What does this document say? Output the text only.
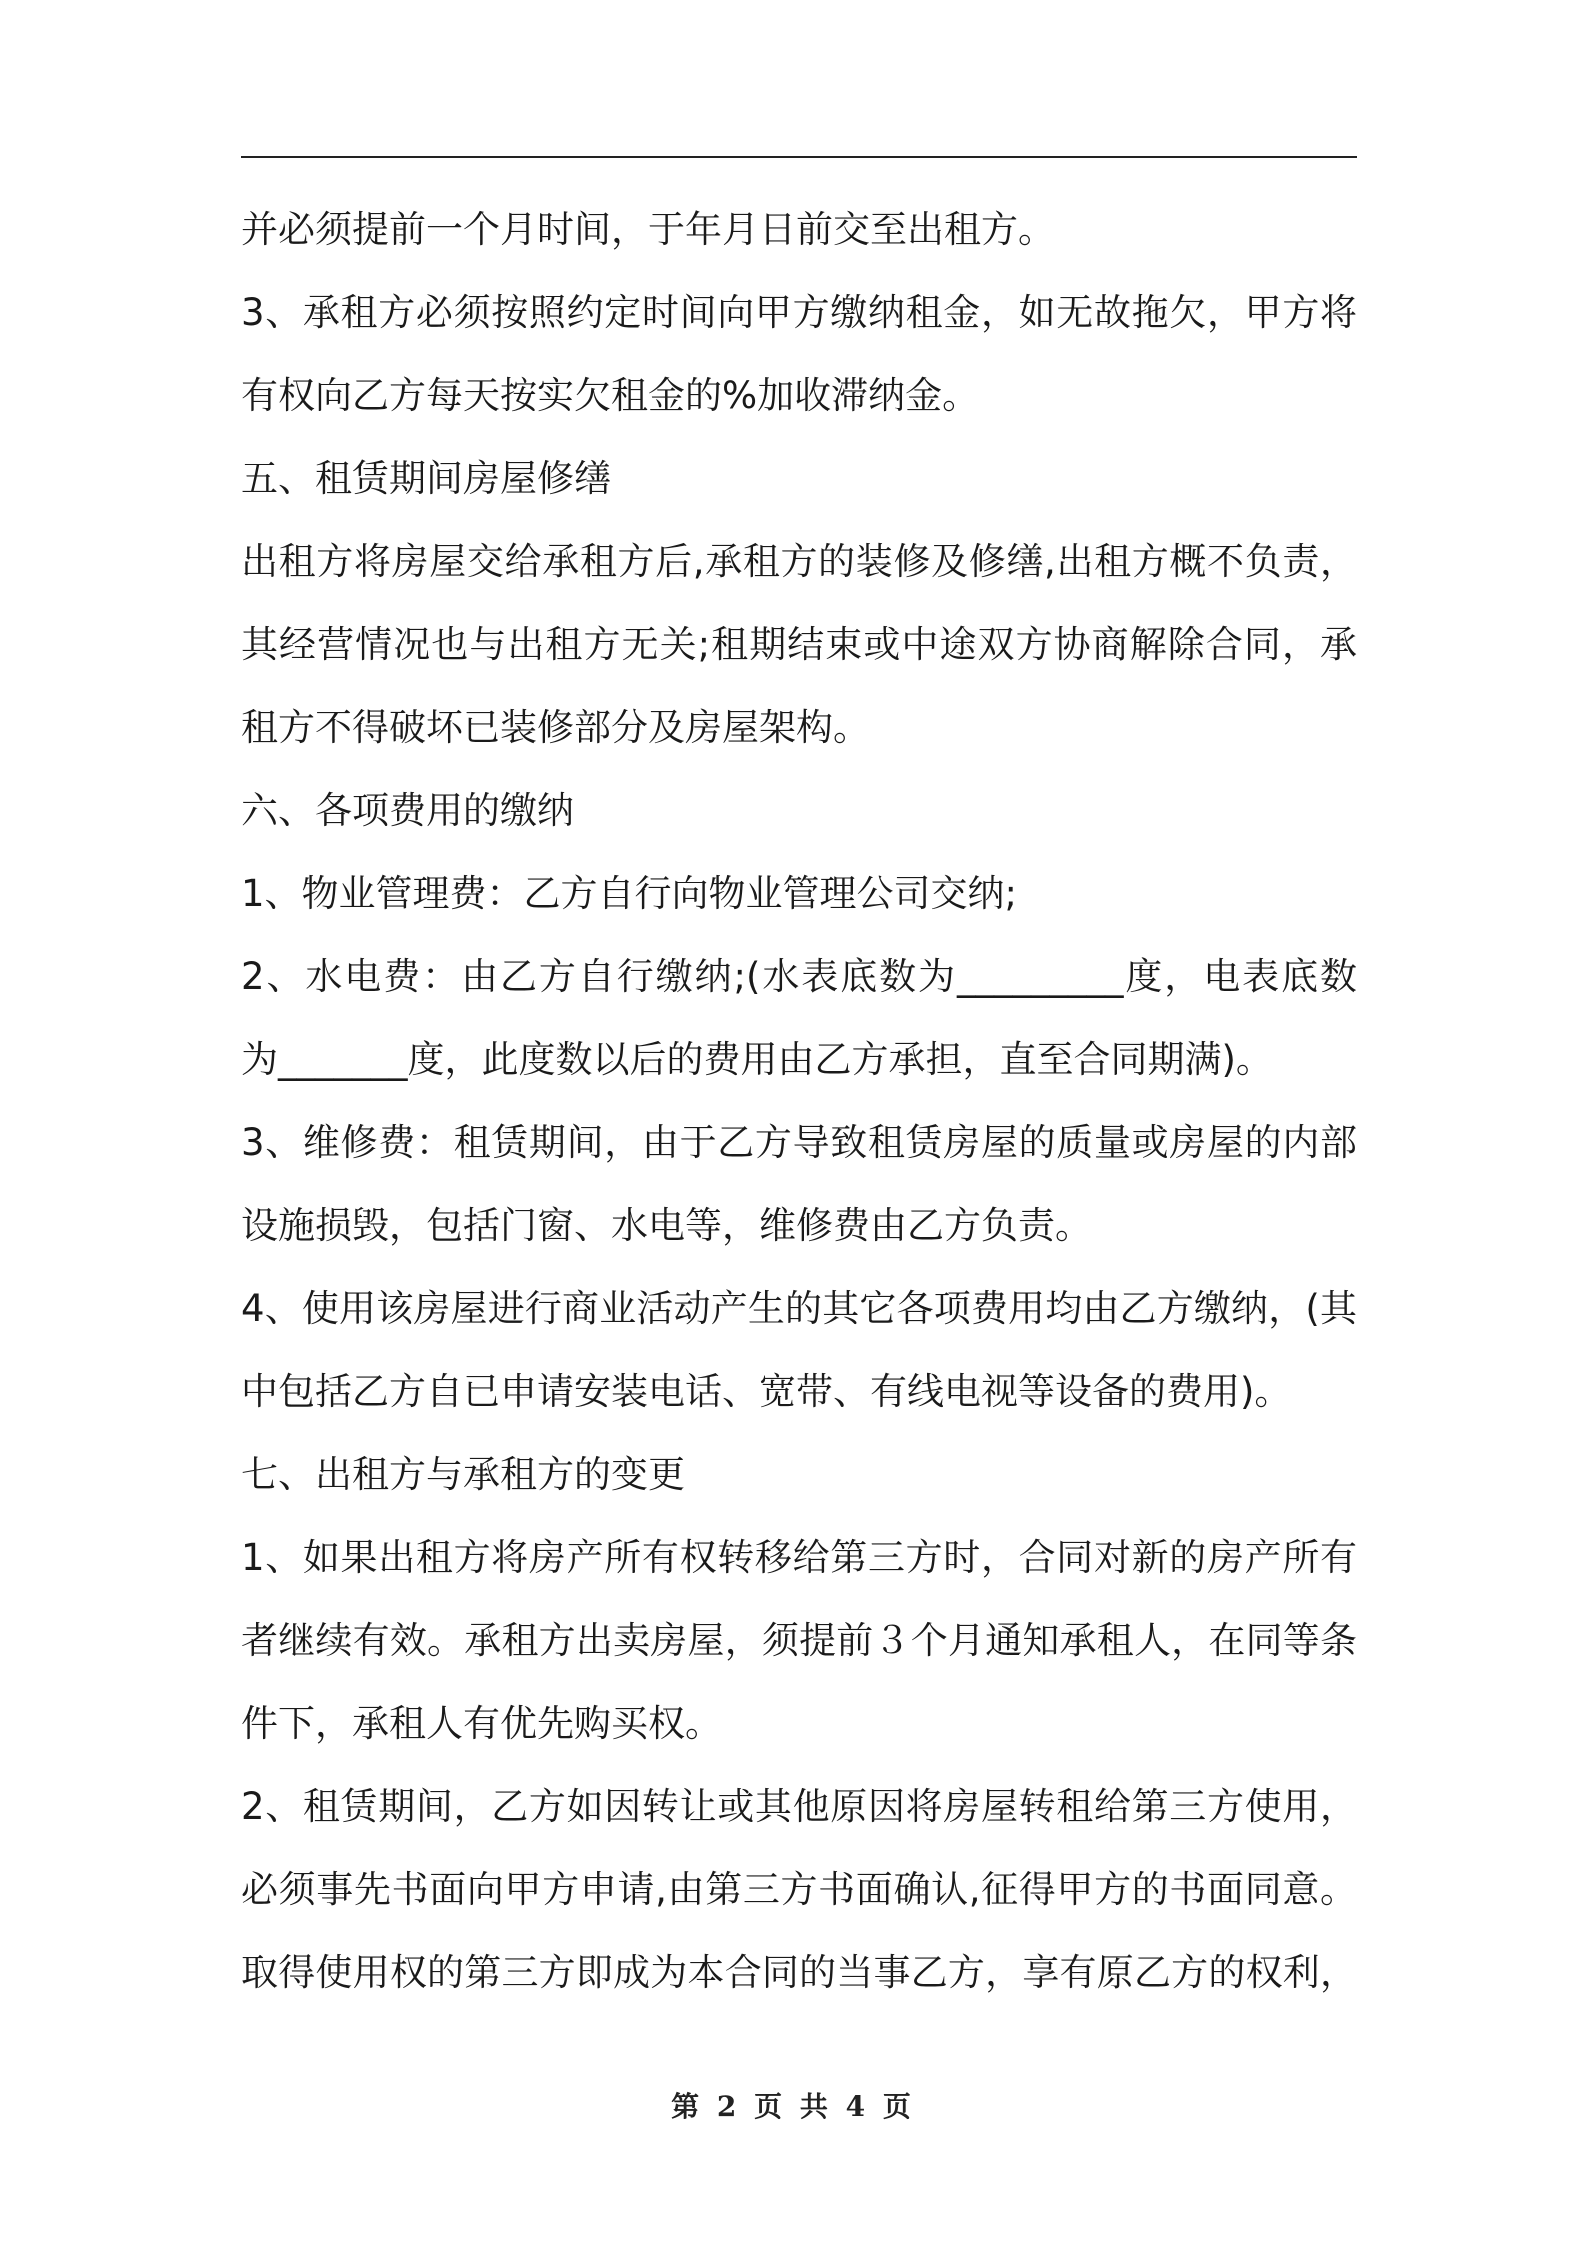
并必须提前一个月时间，于年月日前交至出租方。
3、承租方必须按照约定时间向甲方缴纳租金，如无故拖欠，甲方将
有权向乙方每天按实欠租金的%加收滞纳金。
五、租赁期间房屋修缮
出租方将房屋交给承租方后,承租方的装修及修缮,出租方概不负责，
其经营情况也与出租方无关;租期结束或中途双方协商解除合同，承
租方不得破坏已装修部分及房屋架构。
六、各项费用的缴纳
1、物业管理费：乙方自行向物业管理公司交纳;
2、水电费：由乙方自行缴纳;(水表底数为_________度，电表底数
为_______度，此度数以后的费用由乙方承担，直至合同期满)。
3、维修费：租赁期间，由于乙方导致租赁房屋的质量或房屋的内部
设施损毁，包括门窗、水电等，维修费由乙方负责。
4、使用该房屋进行商业活动产生的其它各项费用均由乙方缴纳，(其
中包括乙方自已申请安装电话、宽带、有线电视等设备的费用)。
七、出租方与承租方的变更
1、如果出租方将房产所有权转移给第三方时，合同对新的房产所有
者继续有效。承租方出卖房屋，须提前３个月通知承租人，在同等条
件下，承租人有优先购买权。
2、租赁期间，乙方如因转让或其他原因将房屋转租给第三方使用，
必须事先书面向甲方申请,由第三方书面确认,征得甲方的书面同意。
取得使用权的第三方即成为本合同的当事乙方，享有原乙方的权利，
第 2 页 共 4 页
